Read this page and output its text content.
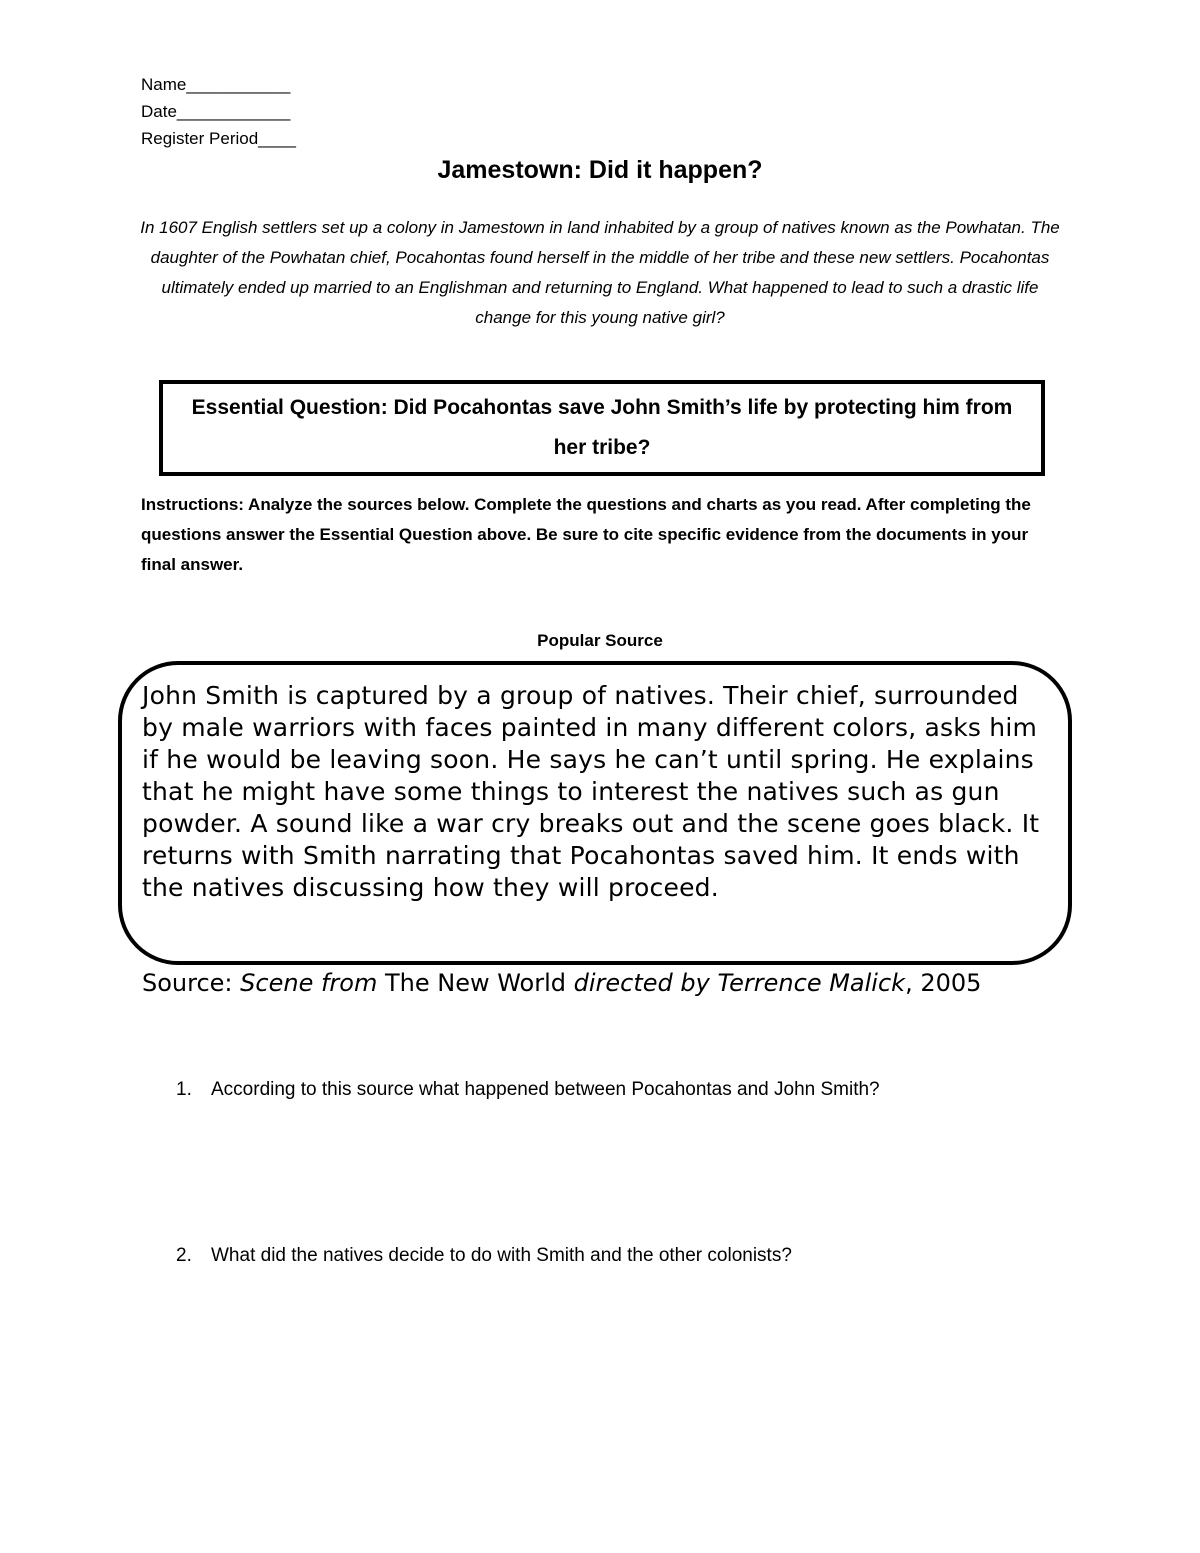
Name___________
Date____________
Register Period____
Jamestown: Did it happen?
In 1607 English settlers set up a colony in Jamestown in land inhabited by a group of natives known as the Powhatan. The daughter of the Powhatan chief, Pocahontas found herself in the middle of her tribe and these new settlers. Pocahontas ultimately ended up married to an Englishman and returning to England. What happened to lead to such a drastic life change for this young native girl?
Essential Question: Did Pocahontas save John Smith’s life by protecting him from her tribe?
Instructions: Analyze the sources below. Complete the questions and charts as you read. After completing the questions answer the Essential Question above. Be sure to cite specific evidence from the documents in your final answer.
Popular Source
John Smith is captured by a group of natives. Their chief, surrounded by male warriors with faces painted in many different colors, asks him if he would be leaving soon. He says he can’t until spring. He explains that he might have some things to interest the natives such as gun powder. A sound like a war cry breaks out and the scene goes black. It returns with Smith narrating that Pocahontas saved him. It ends with the natives discussing how they will proceed.
Source: Scene from The New World directed by Terrence Malick, 2005
1. According to this source what happened between Pocahontas and John Smith?
2. What did the natives decide to do with Smith and the other colonists?
